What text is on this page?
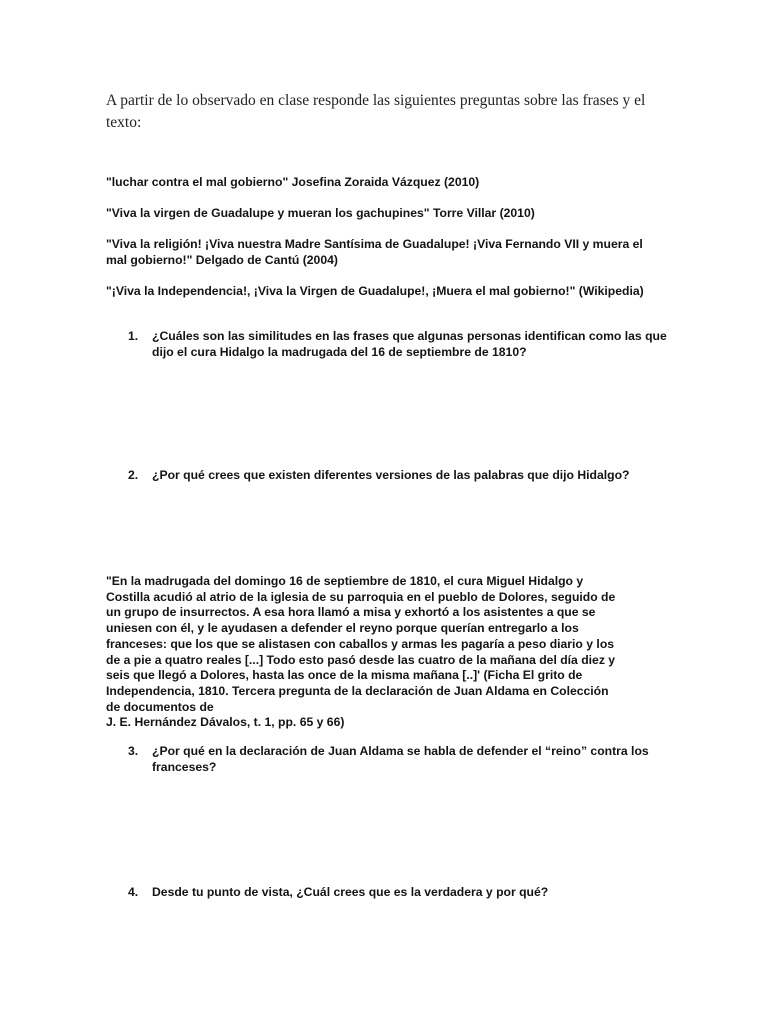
A partir de lo observado en clase responde las siguientes preguntas sobre las frases y el texto:
"luchar contra el mal gobierno" Josefina Zoraida Vázquez (2010)
"Viva la virgen de Guadalupe y mueran los gachupines" Torre Villar (2010)
"Viva la religión! ¡Viva nuestra Madre Santísima de Guadalupe! ¡Viva Fernando VII y muera el mal gobierno!" Delgado de Cantú (2004)
"¡Viva la Independencia!, ¡Viva la Virgen de Guadalupe!, ¡Muera el mal gobierno!" (Wikipedia)
1.	¿Cuáles son las similitudes en las frases que algunas personas identifican como las que dijo el cura Hidalgo la madrugada del 16 de septiembre de 1810?
2.	¿Por qué crees que existen diferentes versiones de las palabras que dijo Hidalgo?
"En la madrugada del domingo 16 de septiembre de 1810, el cura Miguel Hidalgo y
Costilla acudió al atrio de la iglesia de su parroquia en el pueblo de Dolores, seguido de
un grupo de insurrectos. A esa hora llamó a misa y exhortó a los asistentes a que se
uniesen con él, y le ayudasen a defender el reyno porque querían entregarlo a los
franceses: que los que se alistasen con caballos y armas les pagaría a peso diario y los
de a pie a quatro reales [...] Todo esto pasó desde las cuatro de la mañana del día diez y
seis que llegó a Dolores, hasta las once de la misma mañana [..]' (Ficha El grito de
Independencia, 1810. Tercera pregunta de la declaración de Juan Aldama en Colección
de documentos de
J. E. Hernández Dávalos, t. 1, pp. 65 y 66)
3.	¿Por qué en la declaración de Juan Aldama se habla de defender el “reino” contra los franceses?
4.	Desde tu punto de vista, ¿Cuál crees que es la verdadera y por qué?
